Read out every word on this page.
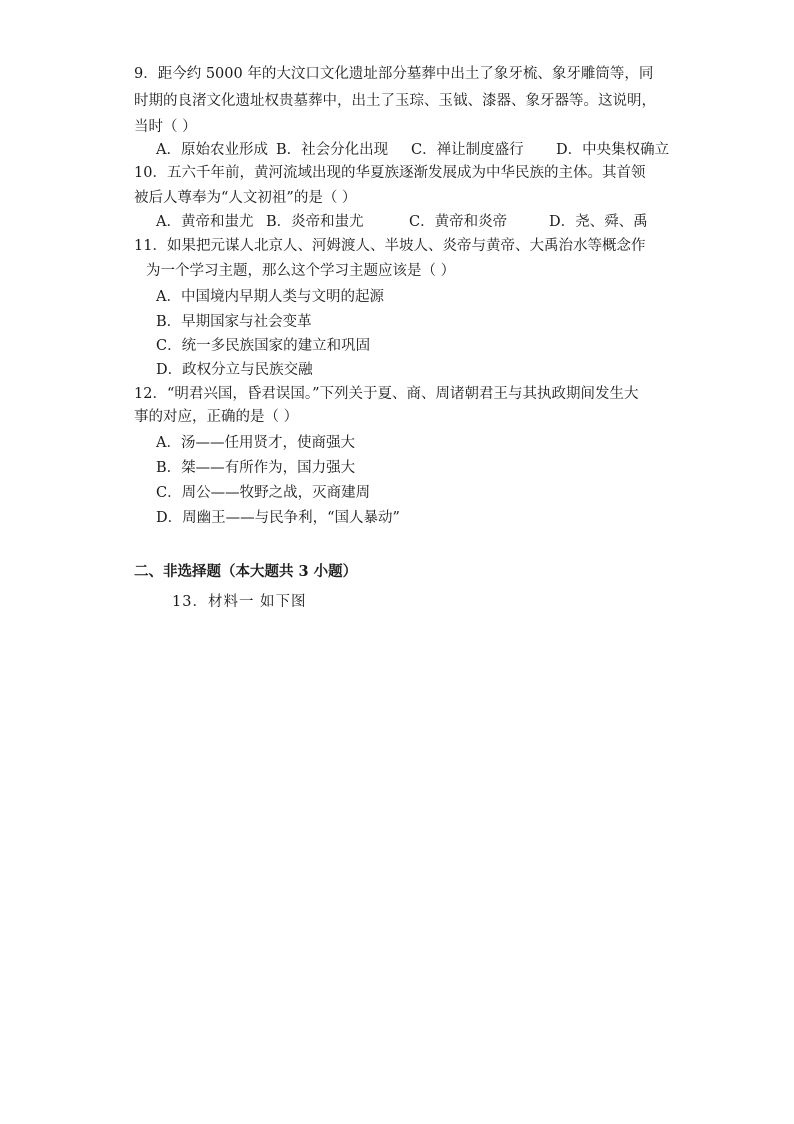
9．距今约 5000 年的大汶口文化遗址部分墓葬中出土了象牙梳、象牙雕筒等，同
时期的良渚文化遗址权贵墓葬中，出土了玉琮、玉钺、漆器、象牙器等。这说明，
当时（ ）
A．原始农业形成 B．社会分化出现 C．禅让制度盛行 D．中央集权确立
10．五六千年前，黄河流域出现的华夏族逐渐发展成为中华民族的主体。其首领
被后人尊奉为“人文初祖”的是（ ）
A．黄帝和蚩尤 B．炎帝和蚩尤	C．黄帝和炎帝	D．尧、舜、禹
11．如果把元谋人北京人、河姆渡人、半坡人、炎帝与黄帝、大禹治水等概念作
为一个学习主题，那么这个学习主题应该是（ ）
A．中国境内早期人类与文明的起源
B．早期国家与社会变革
C．统一多民族国家的建立和巩固
D．政权分立与民族交融
12．“明君兴国，昏君误国。”下列关于夏、商、周诸朝君王与其执政期间发生大
事的对应，正确的是（ ）
A．汤——任用贤才，使商强大
B．桀——有所作为，国力强大
C．周公——牧野之战，灭商建周
D．周幽王——与民争利，“国人暴动”
二、非选择题（本大题共 3 小题）
13．材料一 如下图
